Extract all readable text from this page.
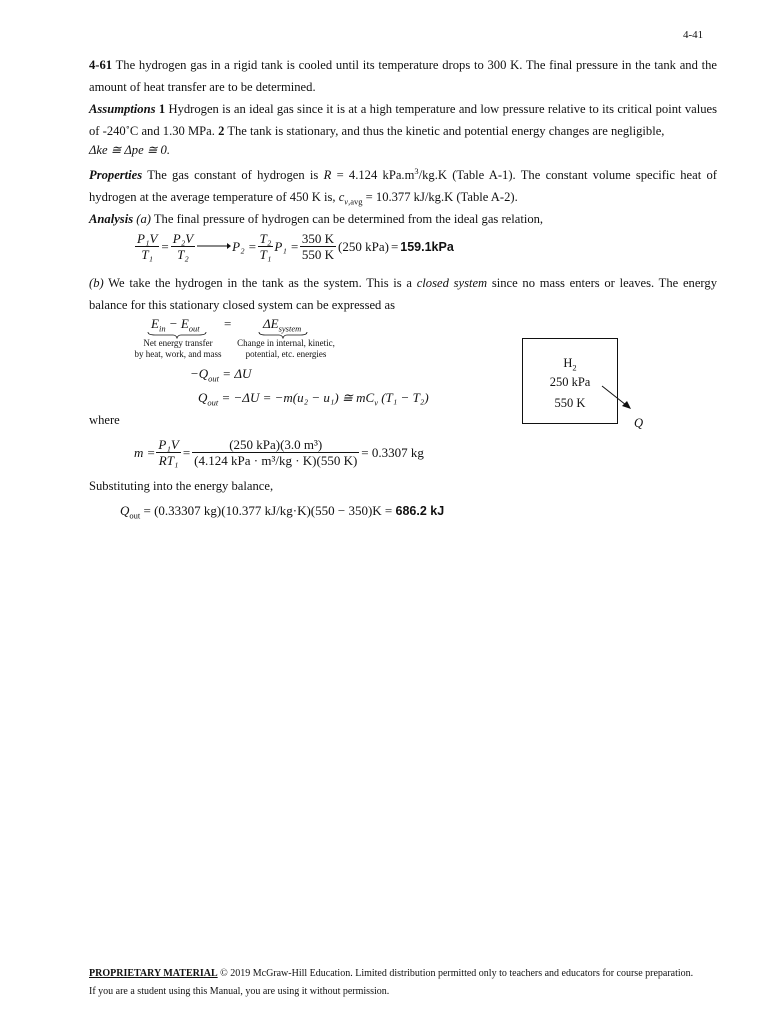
4-41
4-61 The hydrogen gas in a rigid tank is cooled until its temperature drops to 300 K. The final pressure in the tank and the amount of heat transfer are to be determined.
Assumptions 1 Hydrogen is an ideal gas since it is at a high temperature and low pressure relative to its critical point values of -240˚C and 1.30 MPa. 2 The tank is stationary, and thus the kinetic and potential energy changes are negligible,
Δke ≅ Δpe ≅ 0.
Properties The gas constant of hydrogen is R = 4.124 $kPa.m^3/kg.K$ (Table A-1). The constant volume specific heat of hydrogen at the average temperature of 450 K is, $c_{v,avg} = 10.377$ kJ/kg.K (Table A-2).
Analysis (a) The final pressure of hydrogen can be determined from the ideal gas relation,
$\frac{\text{P₁V}}{\text{T₁}} = \frac{\text{P₂V}}{\text{T₂}}$	$P_2 = \frac{\text{T₂}}{\text{T₁}} P_1 = \frac{350 K}{550 K} (250$ kPa) = 159.1kPa
(b) We take the hydrogen in the tank as the system. This is a closed system since no mass enters or leaves. The energy balance for this stationary closed system can be expressed as
$E_{in} - E_{out} = \Delta E_{system}$
Net energy transfer
by heat, work, and mass
Change in internal, kinetic,
potential, etc. energies
$-Q_{out} = \Delta U$
$Q_{out} = -\Delta U = -m(u_2 - u_1)$ ≅ $mC_v$ (T₁ − T₂)
$H_2$
250 kPa
550 K
Q
where
$m = \frac{\text{P₁V}}{\text{RT₁}} = \frac{\text{(250 kPa)(3.0 m³)}}{\text{(4.124 kPa · m³/kg · K)(550 K)}} = 0.3307$ kg
Substituting into the energy balance,
$Q_{out} = (0.33307$ kg)(10.377 kJ/kg·K)(550 − 350)K = 686.2 kJ
PROPRIETARY MATERIAL © 2019 McGraw-Hill Education. Limited distribution permitted only to teachers and educators for course preparation.
If you are a student using this Manual, you are using it without permission.
